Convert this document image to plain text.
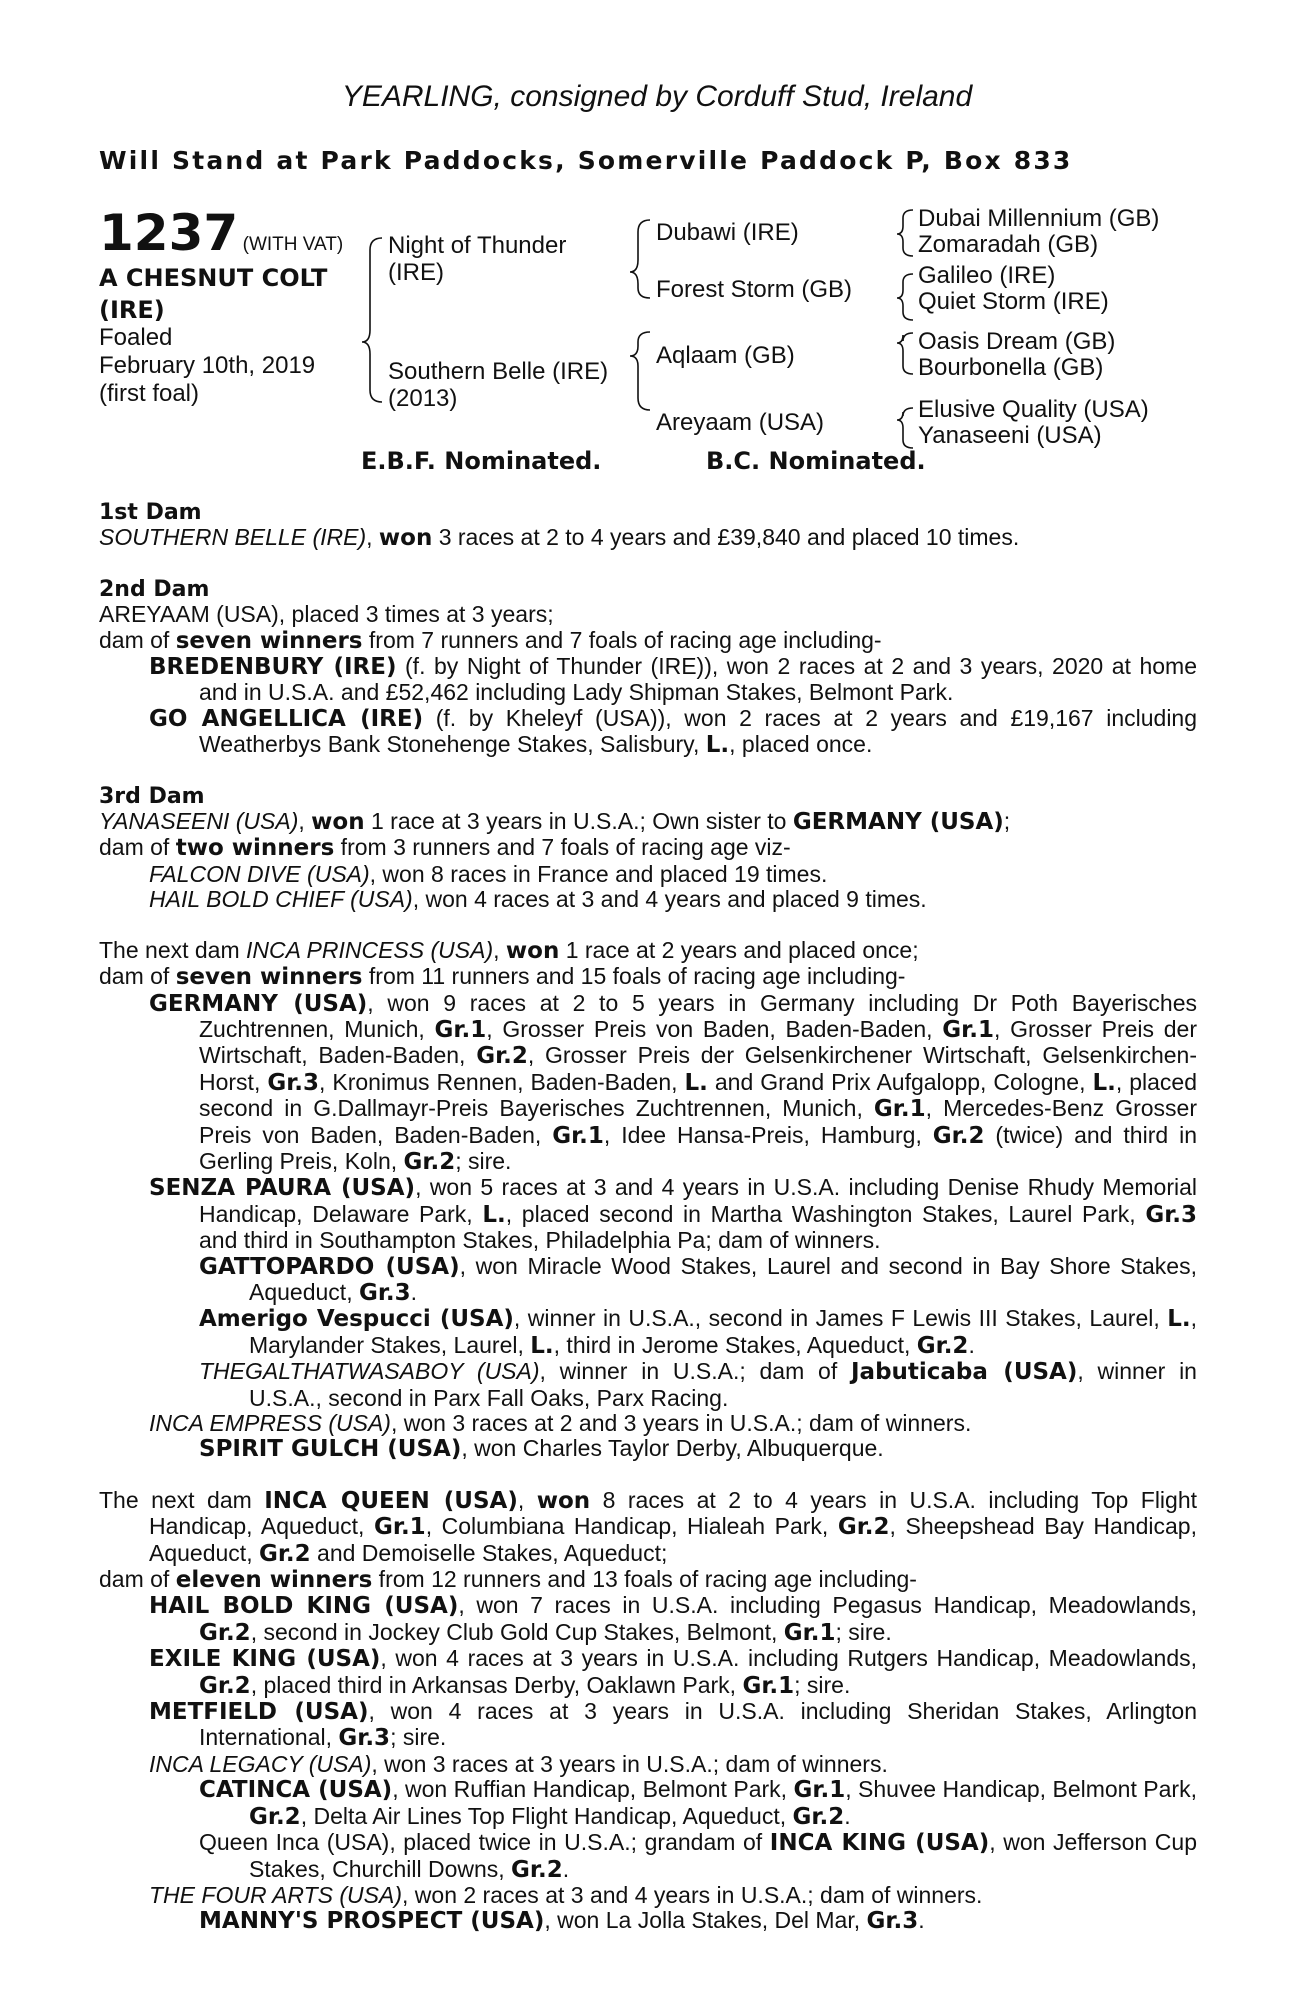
YEARLING, consigned by Corduff Stud, Ireland
Will Stand at Park Paddocks, Somerville Paddock P, Box 833
1237 (WITH VAT)
A CHESNUT COLT
(IRE)
Foaled
February 10th, 2019
(first foal)
Night of Thunder
(IRE)
Southern Belle (IRE)
(2013)
Dubawi (IRE)
Forest Storm (GB)
Aqlaam (GB)
Areyaam (USA)
Dubai Millennium (GB)
Zomaradah (GB)
Galileo (IRE)
Quiet Storm (IRE)
Oasis Dream (GB)
Bourbonella (GB)
Elusive Quality (USA)
Yanaseeni (USA)
E.B.F. Nominated.	B.C. Nominated.
1st Dam
SOUTHERN BELLE (IRE), won 3 races at 2 to 4 years and £39,840 and placed 10 times.
2nd Dam
AREYAAM (USA), placed 3 times at 3 years;
dam of seven winners from 7 runners and 7 foals of racing age including-
BREDENBURY (IRE) (f. by Night of Thunder (IRE)), won 2 races at 2 and 3 years, 2020 at home and in U.S.A. and £52,462 including Lady Shipman Stakes, Belmont Park.
GO ANGELLICA (IRE) (f. by Kheleyf (USA)), won 2 races at 2 years and £19,167 including Weatherbys Bank Stonehenge Stakes, Salisbury, L., placed once.
3rd Dam
YANASEENI (USA), won 1 race at 3 years in U.S.A.; Own sister to GERMANY (USA);
dam of two winners from 3 runners and 7 foals of racing age viz-
FALCON DIVE (USA), won 8 races in France and placed 19 times.
HAIL BOLD CHIEF (USA), won 4 races at 3 and 4 years and placed 9 times.
The next dam INCA PRINCESS (USA), won 1 race at 2 years and placed once;
dam of seven winners from 11 runners and 15 foals of racing age including-
GERMANY (USA), won 9 races at 2 to 5 years in Germany including Dr Poth Bayerisches Zuchtrennen, Munich, Gr.1, Grosser Preis von Baden, Baden-Baden, Gr.1, Grosser Preis der Wirtschaft, Baden-Baden, Gr.2, Grosser Preis der Gelsenkirchener Wirtschaft, Gelsenkirchen-Horst, Gr.3, Kronimus Rennen, Baden-Baden, L. and Grand Prix Aufgalopp, Cologne, L., placed second in G.Dallmayr-Preis Bayerisches Zuchtrennen, Munich, Gr.1, Mercedes-Benz Grosser Preis von Baden, Baden-Baden, Gr.1, Idee Hansa-Preis, Hamburg, Gr.2 (twice) and third in Gerling Preis, Koln, Gr.2; sire.
SENZA PAURA (USA), won 5 races at 3 and 4 years in U.S.A. including Denise Rhudy Memorial Handicap, Delaware Park, L., placed second in Martha Washington Stakes, Laurel Park, Gr.3 and third in Southampton Stakes, Philadelphia Pa; dam of winners.
GATTOPARDO (USA), won Miracle Wood Stakes, Laurel and second in Bay Shore Stakes, Aqueduct, Gr.3.
Amerigo Vespucci (USA), winner in U.S.A., second in James F Lewis III Stakes, Laurel, L., Marylander Stakes, Laurel, L., third in Jerome Stakes, Aqueduct, Gr.2.
THEGALTHATWASABOY (USA), winner in U.S.A.; dam of Jabuticaba (USA), winner in U.S.A., second in Parx Fall Oaks, Parx Racing.
INCA EMPRESS (USA), won 3 races at 2 and 3 years in U.S.A.; dam of winners.
SPIRIT GULCH (USA), won Charles Taylor Derby, Albuquerque.
The next dam INCA QUEEN (USA), won 8 races at 2 to 4 years in U.S.A. including Top Flight Handicap, Aqueduct, Gr.1, Columbiana Handicap, Hialeah Park, Gr.2, Sheepshead Bay Handicap, Aqueduct, Gr.2 and Demoiselle Stakes, Aqueduct;
dam of eleven winners from 12 runners and 13 foals of racing age including-
HAIL BOLD KING (USA), won 7 races in U.S.A. including Pegasus Handicap, Meadowlands, Gr.2, second in Jockey Club Gold Cup Stakes, Belmont, Gr.1; sire.
EXILE KING (USA), won 4 races at 3 years in U.S.A. including Rutgers Handicap, Meadowlands, Gr.2, placed third in Arkansas Derby, Oaklawn Park, Gr.1; sire.
METFIELD (USA), won 4 races at 3 years in U.S.A. including Sheridan Stakes, Arlington International, Gr.3; sire.
INCA LEGACY (USA), won 3 races at 3 years in U.S.A.; dam of winners.
CATINCA (USA), won Ruffian Handicap, Belmont Park, Gr.1, Shuvee Handicap, Belmont Park, Gr.2, Delta Air Lines Top Flight Handicap, Aqueduct, Gr.2.
Queen Inca (USA), placed twice in U.S.A.; grandam of INCA KING (USA), won Jefferson Cup Stakes, Churchill Downs, Gr.2.
THE FOUR ARTS (USA), won 2 races at 3 and 4 years in U.S.A.; dam of winners.
MANNY'S PROSPECT (USA), won La Jolla Stakes, Del Mar, Gr.3.
